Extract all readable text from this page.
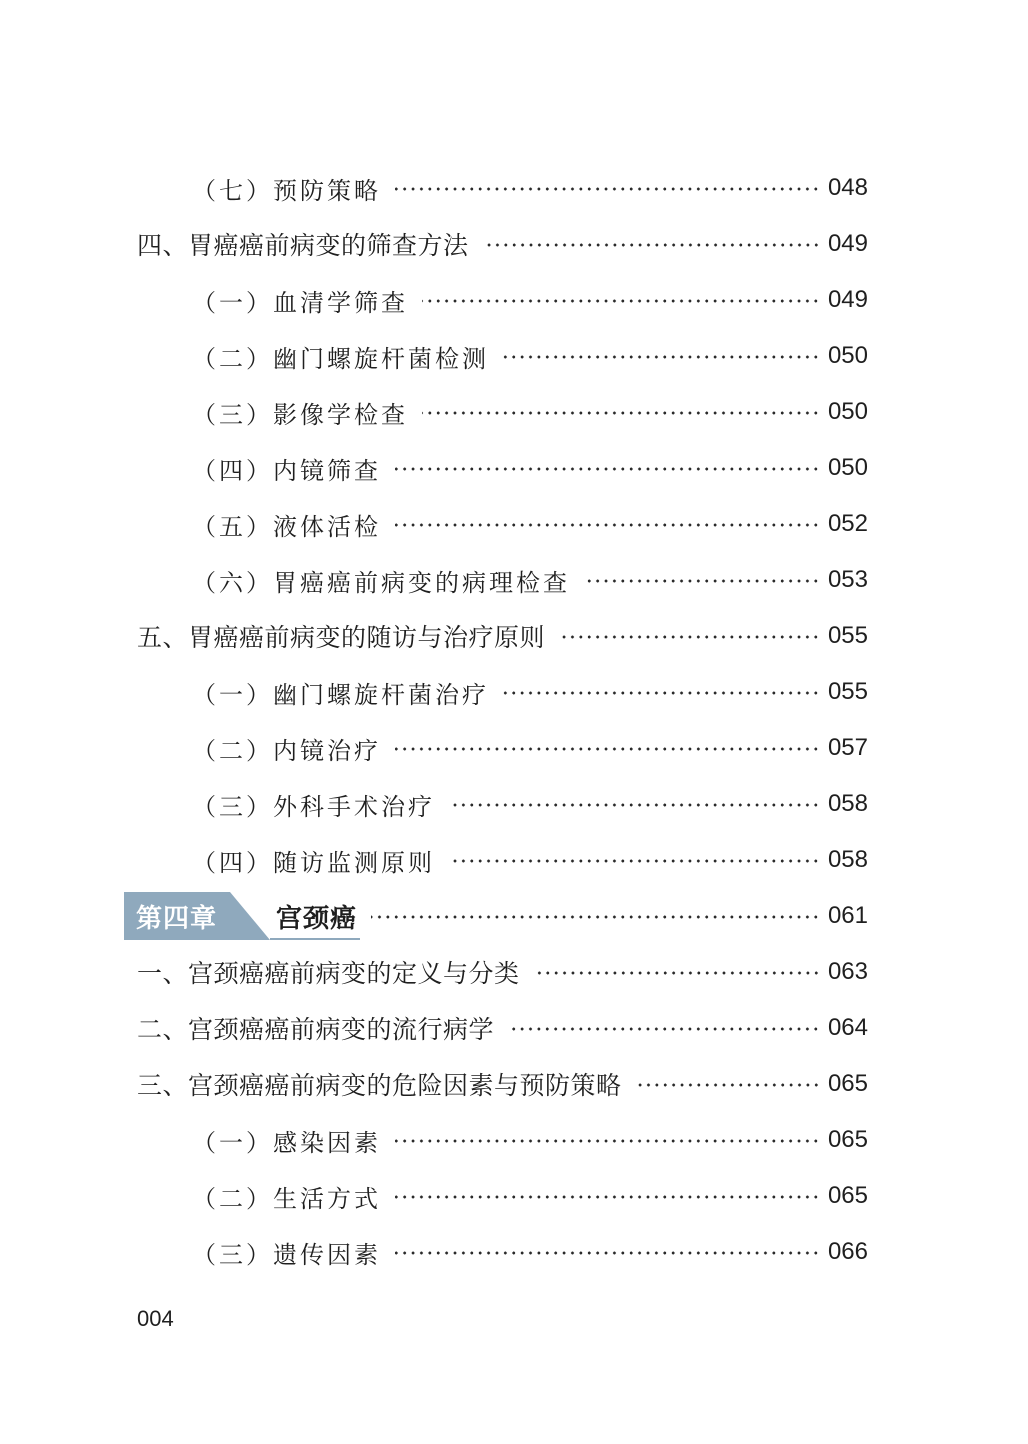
（七）预防策略	048
四、胃癌癌前病变的筛查方法	049
（一）血清学筛查	049
（二）幽门螺旋杆菌检测	050
（三）影像学检查	050
（四）内镜筛查	050
（五）液体活检	052
（六）胃癌癌前病变的病理检查	053
五、胃癌癌前病变的随访与治疗原则	055
（一）幽门螺旋杆菌治疗	055
（二）内镜治疗	057
（三）外科手术治疗	058
（四）随访监测原则	058
第四章	宫颈癌	061
一、宫颈癌癌前病变的定义与分类	063
二、宫颈癌癌前病变的流行病学	064
三、宫颈癌癌前病变的危险因素与预防策略	065
（一）感染因素	065
（二）生活方式	065
（三）遗传因素	066
004
